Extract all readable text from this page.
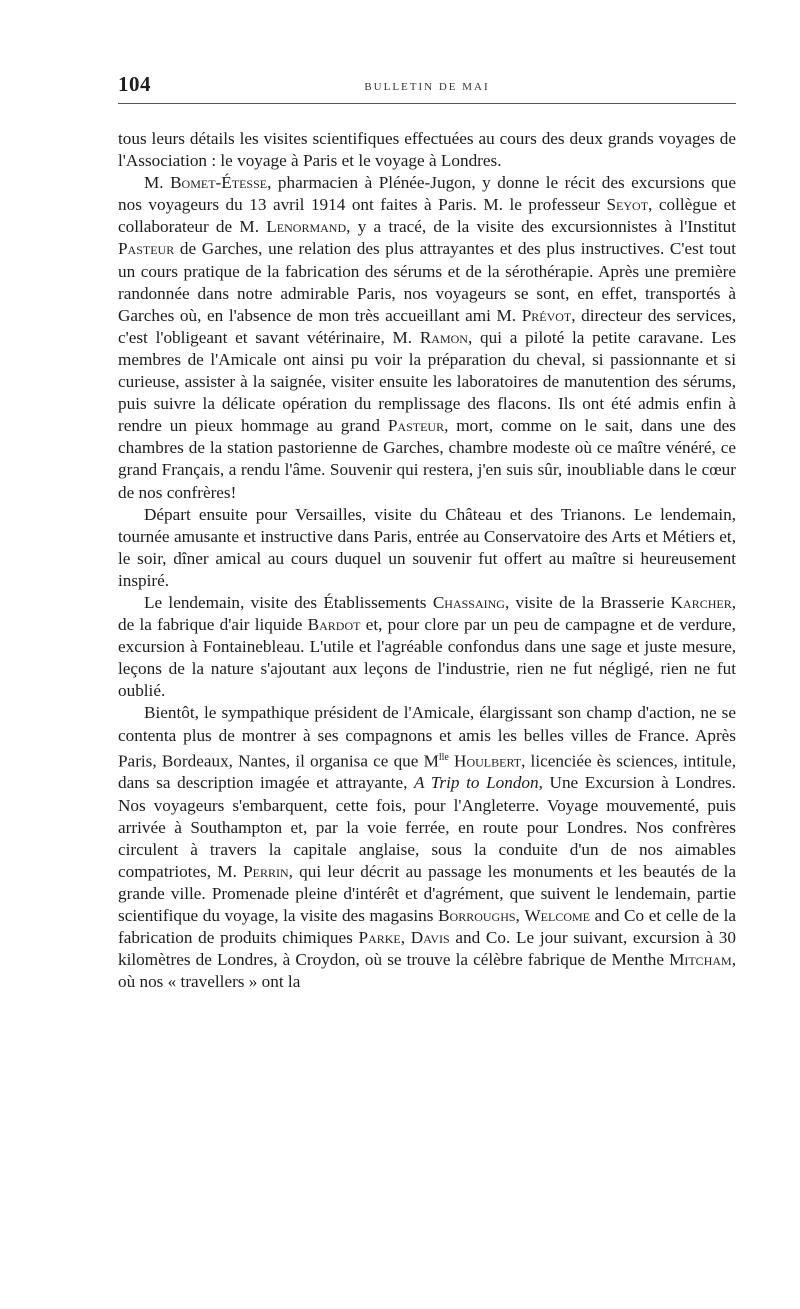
104	BULLETIN DE MAI

tous leurs détails les visites scientifiques effectuées au cours des deux grands voyages de l'Association : le voyage à Paris et le voyage à Londres.

M. Bomet-Étesse, pharmacien à Plénée-Jugon, y donne le récit des excursions que nos voyageurs du 13 avril 1914 ont faites à Paris. M. le professeur Seyot, collègue et collaborateur de M. Lenormand, y a tracé, de la visite des excursionnistes à l'Institut Pasteur de Garches, une relation des plus attrayantes et des plus instructives. C'est tout un cours pratique de la fabrication des sérums et de la sérothérapie. Après une première randonnée dans notre admirable Paris, nos voyageurs se sont, en effet, transportés à Garches où, en l'absence de mon très accueillant ami M. Prévot, directeur des services, c'est l'obligeant et savant vétérinaire, M. Ramon, qui a piloté la petite caravane. Les membres de l'Amicale ont ainsi pu voir la préparation du cheval, si passionnante et si curieuse, assister à la saignée, visiter ensuite les laboratoires de manutention des sérums, puis suivre la délicate opération du remplissage des flacons. Ils ont été admis enfin à rendre un pieux hommage au grand Pasteur, mort, comme on le sait, dans une des chambres de la station pastorienne de Garches, chambre modeste où ce maître vénéré, ce grand Français, a rendu l'âme. Souvenir qui restera, j'en suis sûr, inoubliable dans le cœur de nos confrères!

Départ ensuite pour Versailles, visite du Château et des Trianons. Le lendemain, tournée amusante et instructive dans Paris, entrée au Conservatoire des Arts et Métiers et, le soir, dîner amical au cours duquel un souvenir fut offert au maître si heureusement inspiré.

Le lendemain, visite des Établissements Chassaing, visite de la Brasserie Karcher, de la fabrique d'air liquide Bardot et, pour clore par un peu de campagne et de verdure, excursion à Fontainebleau. L'utile et l'agréable confondus dans une sage et juste mesure, leçons de la nature s'ajoutant aux leçons de l'industrie, rien ne fut négligé, rien ne fut oublié.

Bientôt, le sympathique président de l'Amicale, élargissant son champ d'action, ne se contenta plus de montrer à ses compagnons et amis les belles villes de France. Après Paris, Bordeaux, Nantes, il organisa ce que $M^{lle}$ Houlbert, licenciée ès sciences, intitule, dans sa description imagée et attrayante, A Trip to London, Une Excursion à Londres. Nos voyageurs s'embarquent, cette fois, pour l'Angleterre. Voyage mouvementé, puis arrivée à Southampton et, par la voie ferrée, en route pour Londres. Nos confrères circulent à travers la capitale anglaise, sous la conduite d'un de nos aimables compatriotes, M. Perrin, qui leur décrit au passage les monuments et les beautés de la grande ville. Promenade pleine d'intérêt et d'agrément, que suivent le lendemain, partie scientifique du voyage, la visite des magasins Borroughs, Welcome and Co et celle de la fabrication de produits chimiques Parke, Davis and Co. Le jour suivant, excursion à 30 kilomètres de Londres, à Croydon, où se trouve la célèbre fabrique de Menthe Mitcham, où nos « travellers » ont la
